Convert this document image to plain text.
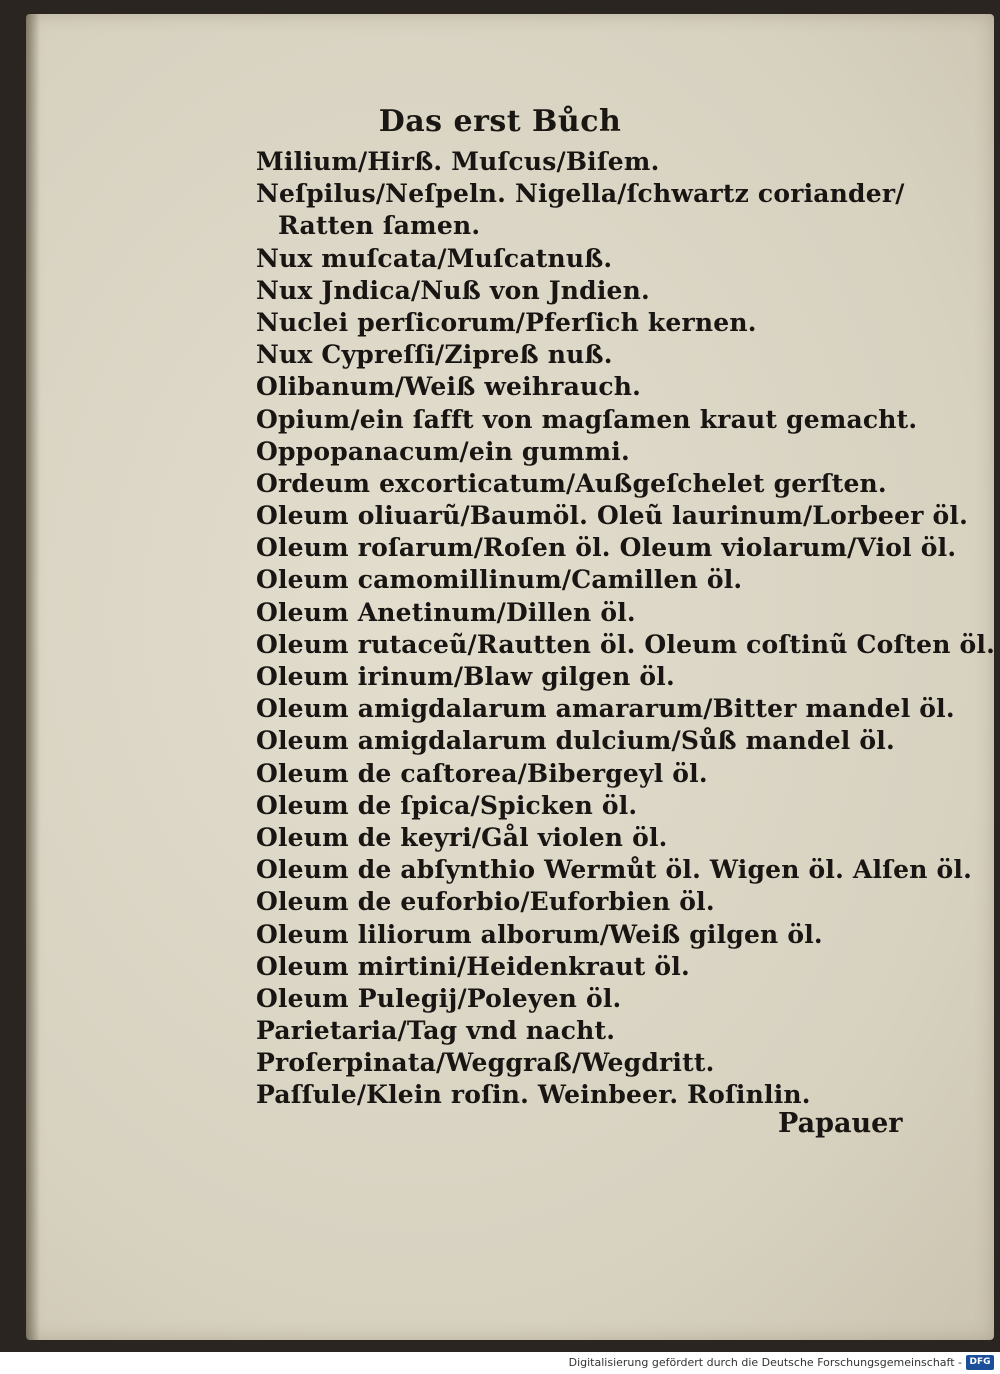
Das erst Bůch
Milium/Hirß. Muſcus/Biſem.
Neſpilus/Neſpeln. Nigella/ſchwartz coriander/
Ratten ſamen.
Nux muſcata/Muſcatnuß.
Nux Jndica/Nuß von Jndien.
Nuclei perſicorum/Pferſich kernen.
Nux Cypreſſi/Zipreß nuß.
Olibanum/Weiß weihrauch.
Opium/ein ſafft von magſamen kraut gemacht.
Oppopanacum/ein gummi.
Ordeum excorticatum/Außgeſchelet gerſten.
Oleum oliuarũ/Baumöl. Oleũ laurinum/Lorbeer öl.
Oleum roſarum/Roſen öl. Oleum violarum/Viol öl.
Oleum camomillinum/Camillen öl.
Oleum Anetinum/Dillen öl.
Oleum rutaceũ/Rautten öl. Oleum coſtinũ Coſten öl.
Oleum irinum/Blaw gilgen öl.
Oleum amigdalarum amararum/Bitter mandel öl.
Oleum amigdalarum dulcium/Sůß mandel öl.
Oleum de caſtorea/Bibergeyl öl.
Oleum de ſpica/Spicken öl.
Oleum de keyri/Gål violen öl.
Oleum de abſynthio Wermůt öl. Wigen öl. Alſen öl.
Oleum de euforbio/Euforbien öl.
Oleum liliorum alborum/Weiß gilgen öl.
Oleum mirtini/Heidenkraut öl.
Oleum Pulegij/Poleyen öl.
Parietaria/Tag vnd nacht.
Proſerpinata/Weggraß/Wegdritt.
Paſſule/Klein roſin. Weinbeer. Roſinlin.
Papauer
Digitalisierung gefördert durch die Deutsche Forschungsgemeinschaft - DFG
